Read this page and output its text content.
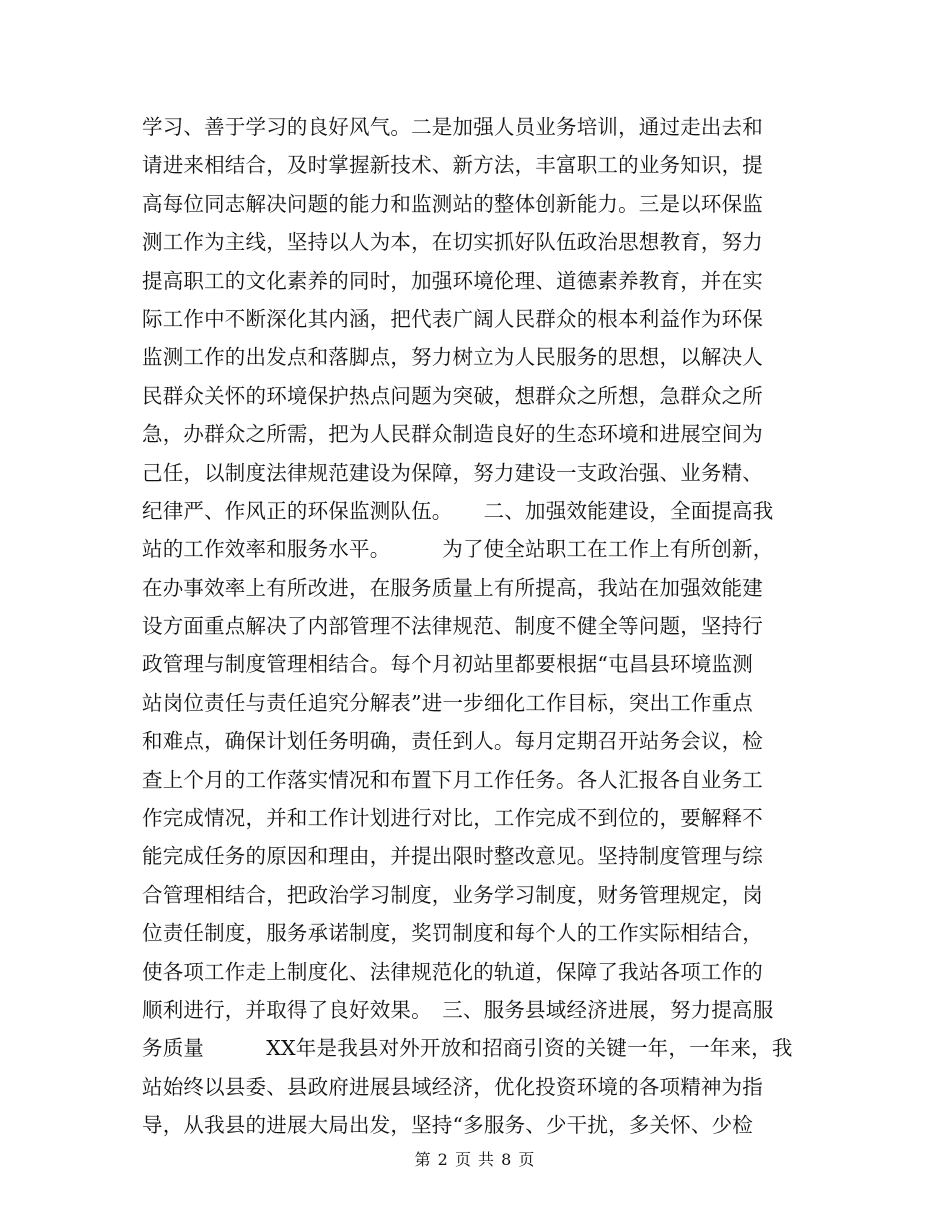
学习、善于学习的良好风气。二是加强人员业务培训，通过走出去和
请进来相结合，及时掌握新技术、新方法，丰富职工的业务知识，提
高每位同志解决问题的能力和监测站的整体创新能力。三是以环保监
测工作为主线，坚持以人为本，在切实抓好队伍政治思想教育，努力
提高职工的文化素养的同时，加强环境伦理、道德素养教育，并在实
际工作中不断深化其内涵，把代表广阔人民群众的根本利益作为环保
监测工作的出发点和落脚点，努力树立为人民服务的思想，以解决人
民群众关怀的环境保护热点问题为突破，想群众之所想，急群众之所
急，办群众之所需，把为人民群众制造良好的生态环境和进展空间为
己任，以制度法律规范建设为保障，努力建设一支政治强、业务精、
纪律严、作风正的环保监测队伍。　　二、加强效能建设，全面提高我
站的工作效率和服务水平。　　　为了使全站职工在工作上有所创新，
在办事效率上有所改进，在服务质量上有所提高，我站在加强效能建
设方面重点解决了内部管理不法律规范、制度不健全等问题，坚持行
政管理与制度管理相结合。每个月初站里都要根据“屯昌县环境监测
站岗位责任与责任追究分解表”进一步细化工作目标，突出工作重点
和难点，确保计划任务明确，责任到人。每月定期召开站务会议，检
查上个月的工作落实情况和布置下月工作任务。各人汇报各自业务工
作完成情况，并和工作计划进行对比，工作完成不到位的，要解释不
能完成任务的原因和理由，并提出限时整改意见。坚持制度管理与综
合管理相结合，把政治学习制度，业务学习制度，财务管理规定，岗
位责任制度，服务承诺制度，奖罚制度和每个人的工作实际相结合，
使各项工作走上制度化、法律规范化的轨道，保障了我站各项工作的
顺利进行，并取得了良好效果。　三、服务县域经济进展，努力提高服
务质量　　　XX年是我县对外开放和招商引资的关键一年，一年来，我
站始终以县委、县政府进展县域经济，优化投资环境的各项精神为指
导，从我县的进展大局出发，坚持“多服务、少干扰，多关怀、少检
第 2 页 共 8 页
